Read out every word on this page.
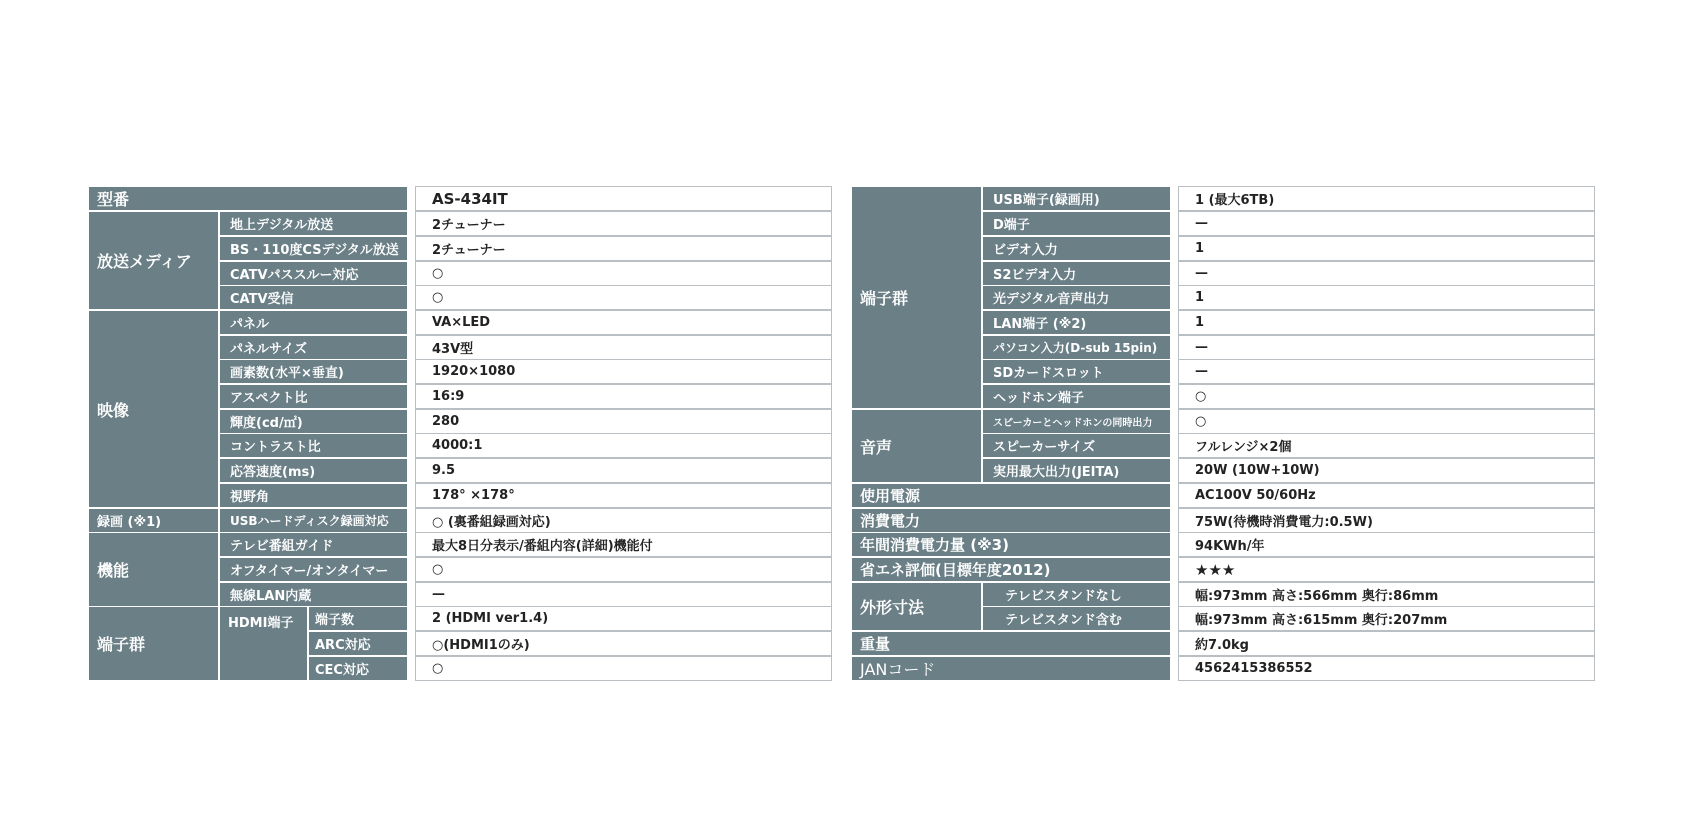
型番	AS-434IT
放送メディア
地上デジタル放送	2チューナー
BS・110度CSデジタル放送	2チューナー
CATVパススルー対応	○
CATV受信	○
映像
パネル	VA×LED
パネルサイズ	43V型
画素数(水平×垂直)	1920×1080
アスペクト比	16:9
輝度(cd/㎡)	280
コントラスト比	4000:1
応答速度(ms)	9.5
視野角	178° ×178°
録画 (※1)	USBハードディスク録画対応	○ (裏番組録画対応)
機能
テレビ番組ガイド	最大8日分表示/番組内容(詳細)機能付
オフタイマー/オンタイマー	○
無線LAN内蔵	—
端子群
HDMI端子	端子数	2 (HDMI ver1.4)
ARC対応	○(HDMI1のみ)
CEC対応	○
端子群
USB端子(録画用)	1 (最大6TB)
D端子	—
ビデオ入力	1
S2ビデオ入力	—
光デジタル音声出力	1
LAN端子 (※2)	1
パソコン入力(D-sub 15pin)	—
SDカードスロット	—
ヘッドホン端子	○
音声
スピーカーとヘッドホンの同時出力	○
スピーカーサイズ	フルレンジ×2個
実用最大出力(JEITA)	20W (10W+10W)
使用電源	AC100V 50/60Hz
消費電力	75W(待機時消費電力:0.5W)
年間消費電力量 (※3)	94KWh/年
省エネ評価(目標年度2012)	★★★
外形寸法
テレビスタンドなし	幅:973mm 高さ:566mm 奥行:86mm
テレビスタンド含む	幅:973mm 高さ:615mm 奥行:207mm
重量	約7.0kg
JANコード	4562415386552
